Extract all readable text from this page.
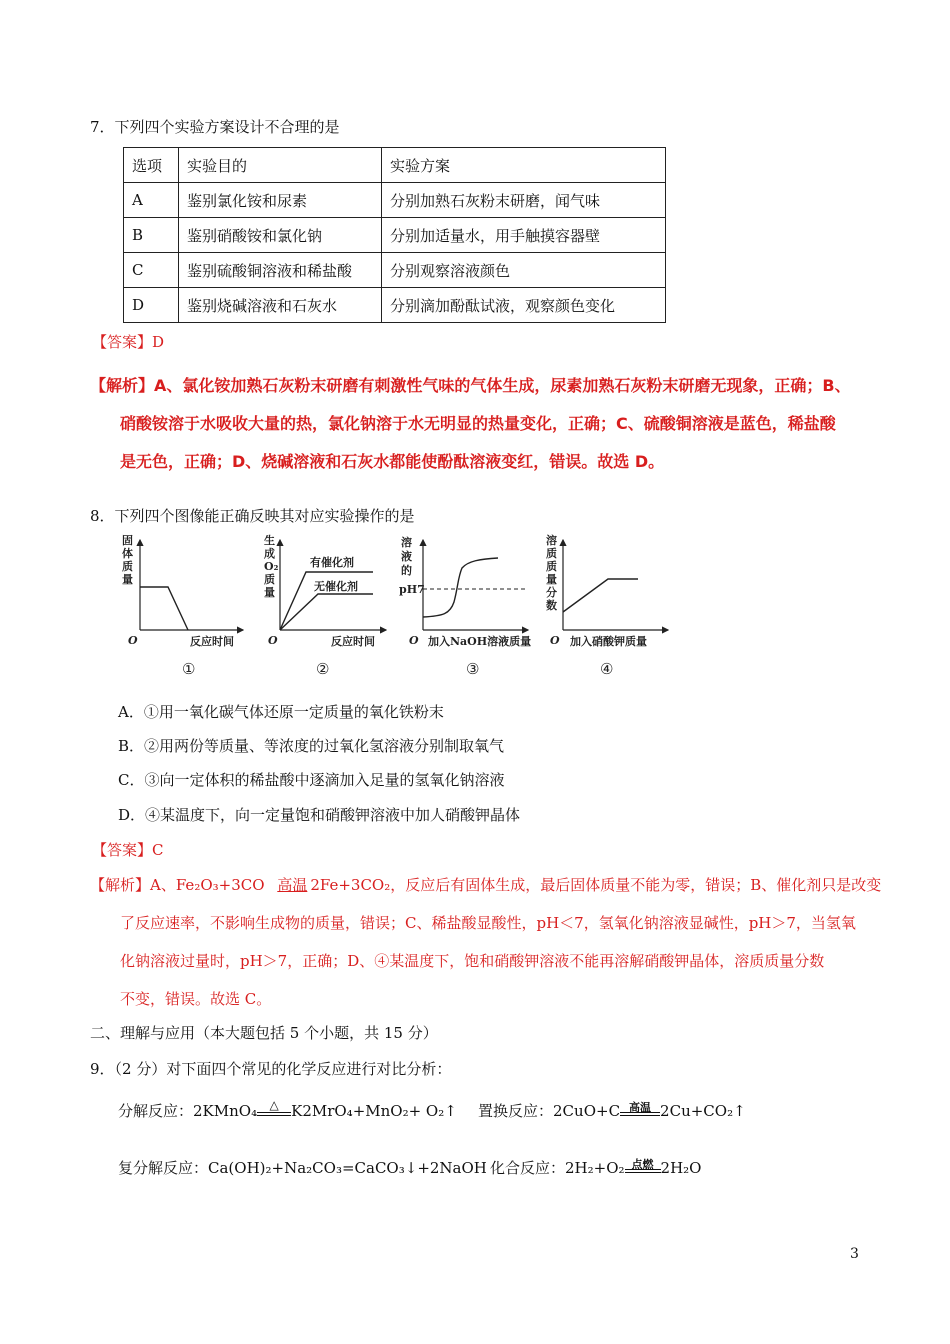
7．下列四个实验方案设计不合理的是
选项	实验目的	实验方案
A	鉴别氯化铵和尿素	分别加熟石灰粉末研磨，闻气味
B	鉴别硝酸铵和氯化钠	分别加适量水，用手触摸容器壁
C	鉴别硫酸铜溶液和稀盐酸	分别观察溶液颜色
D	鉴别烧碱溶液和石灰水	分别滴加酚酞试液，观察颜色变化
【答案】D
【解析】A、氯化铵加熟石灰粉末研磨有刺激性气味的气体生成，尿素加熟石灰粉末研磨无现象，正确；B、
硝酸铵溶于水吸收大量的热，氯化钠溶于水无明显的热量变化，正确；C、硫酸铜溶液是蓝色，稀盐酸
是无色，正确；D、烧碱溶液和石灰水都能使酚酞溶液变红，错误。故选 D。
8．下列四个图像能正确反映其对应实验操作的是
固
体
质
量
O	反应时间
①
生
成
O₂
质
量
有催化剂
无催化剂
O	反应时间
②
溶
液
的
pH7
O 加入NaOH溶液质量
③
溶
质
质
量
分
数
O 加入硝酸钾质量
④
A．①用一氧化碳气体还原一定质量的氧化铁粉末
B．②用两份等质量、等浓度的过氧化氢溶液分别制取氧气
C．③向一定体积的稀盐酸中逐滴加入足量的氢氧化钠溶液
D．④某温度下，向一定量饱和硝酸钾溶液中加人硝酸钾晶体
【答案】C
【解析】A、Fe₂O₃+3CO 高温 2Fe+3CO₂，反应后有固体生成，最后固体质量不能为零，错误；B、催化剂只是改变
了反应速率，不影响生成物的质量，错误；C、稀盐酸显酸性，pH＜7，氢氧化钠溶液显碱性，pH＞7，当氢氧
化钠溶液过量时，pH＞7，正确；D、④某温度下，饱和硝酸钾溶液不能再溶解硝酸钾晶体，溶质质量分数
不变，错误。故选 C。
二、理解与应用（本大题包括 5 个小题，共 15 分）
9．（2 分）对下面四个常见的化学反应进行对比分析：
分解反应：2KMnO₄	△ K2MrO₄+MnO₂+ O₂↑ 置换反应：2CuO+C 高温 2Cu+CO₂↑
复分解反应：Ca(OH)₂+Na₂CO₃=CaCO₃↓+2NaOH 化合反应：2H₂+O₂ 点燃 2H₂O
3
